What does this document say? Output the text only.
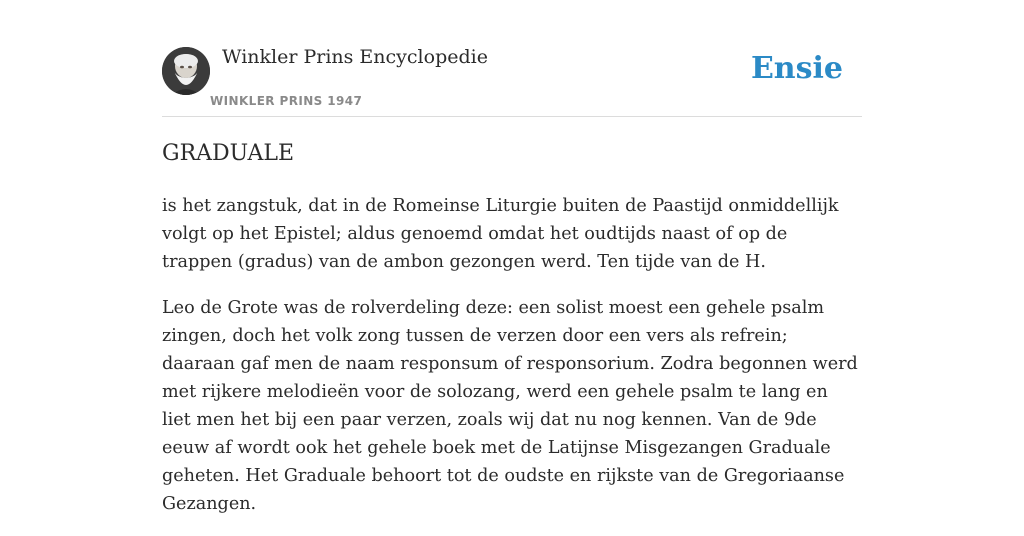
Winkler Prins Encyclopedie
WINKLER PRINS 1947
Ensie
GRADUALE

is het zangstuk, dat in de Romeinse Liturgie buiten de Paastijd onmiddellijk volgt op het Epistel; aldus genoemd omdat het oudtijds naast of op de trappen (gradus) van de ambon gezongen werd. Ten tijde van de H.

Leo de Grote was de rolverdeling deze: een solist moest een gehele psalm zingen, doch het volk zong tussen de verzen door een vers als refrein; daaraan gaf men de naam responsum of responsorium. Zodra begonnen werd met rijkere melodieën voor de solozang, werd een gehele psalm te lang en liet men het bij een paar verzen, zoals wij dat nu nog kennen. Van de 9de eeuw af wordt ook het gehele boek met de Latijnse Misgezangen Graduale geheten. Het Graduale behoort tot de oudste en rijkste van de Gregoriaanse Gezangen.
